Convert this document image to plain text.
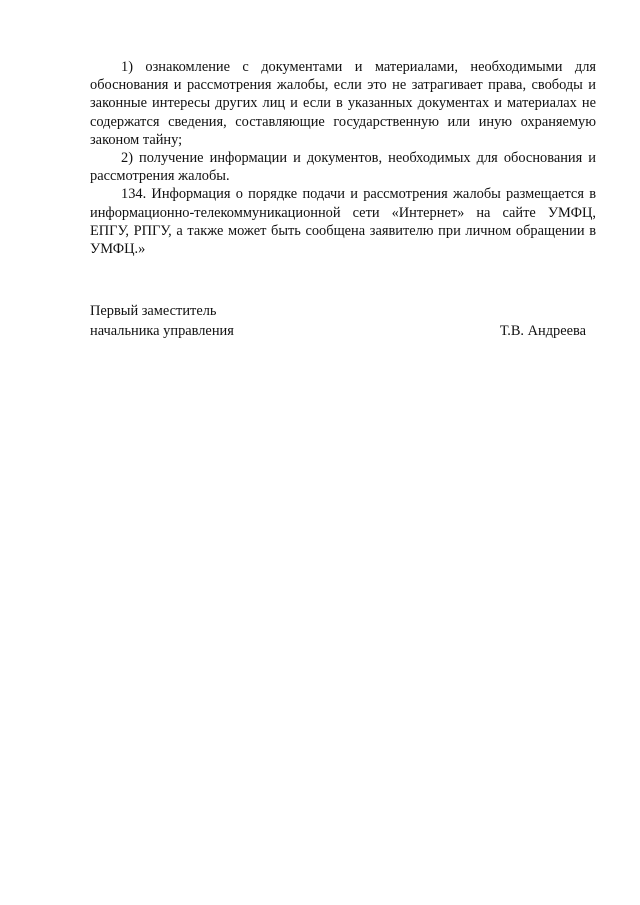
1) ознакомление с документами и материалами, необходимыми для обоснования и рассмотрения жалобы, если это не затрагивает права, свободы и законные интересы других лиц и если в указанных документах и материалах не содержатся сведения, составляющие государственную или иную охраняемую законом тайну;

2) получение информации и документов, необходимых для обоснования и рассмотрения жалобы.

134. Информация о порядке подачи и рассмотрения жалобы размещается в информационно-телекоммуникационной сети «Интернет» на сайте УМФЦ, ЕПГУ, РПГУ, а также может быть сообщена заявителю при личном обращении в УМФЦ.»

Первый заместитель
начальника управления	Т.В. Андреева
